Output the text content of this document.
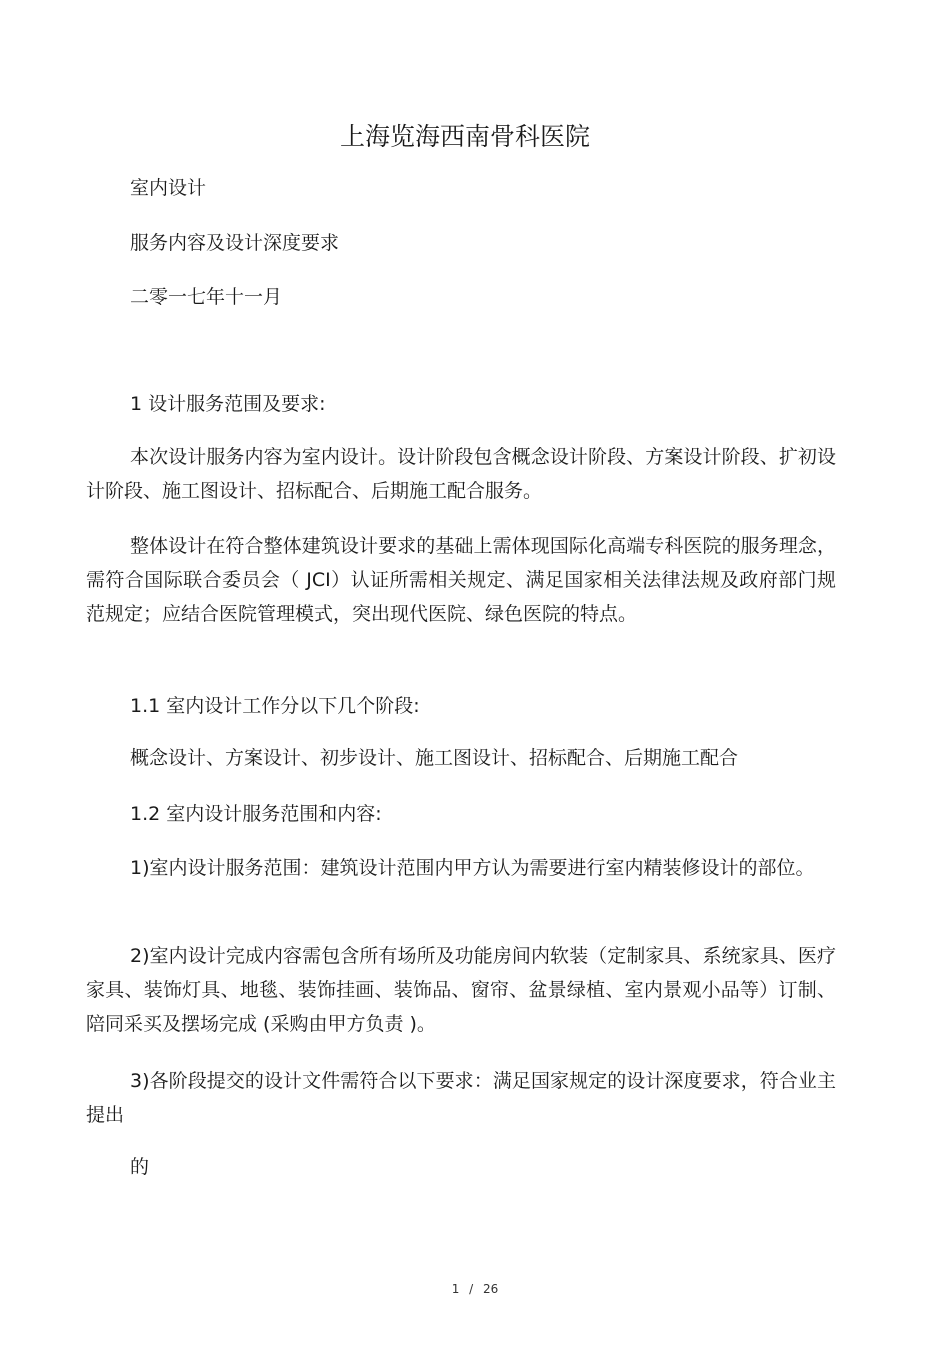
上海览海西南骨科医院
室内设计
服务内容及设计深度要求
二零一七年十一月
1 设计服务范围及要求:
本次设计服务内容为室内设计。设计阶段包含概念设计阶段、方案设计阶段、扩初设计阶段、施工图设计、招标配合、后期施工配合服务。
整体设计在符合整体建筑设计要求的基础上需体现国际化高端专科医院的服务理念，需符合国际联合委员会（ JCI）认证所需相关规定、满足国家相关法律法规及政府部门规范规定；应结合医院管理模式，突出现代医院、绿色医院的特点。
1.1 室内设计工作分以下几个阶段:
概念设计、方案设计、初步设计、施工图设计、招标配合、后期施工配合
1.2 室内设计服务范围和内容:
1)室内设计服务范围：建筑设计范围内甲方认为需要进行室内精装修设计的部位。
2)室内设计完成内容需包含所有场所及功能房间内软装（定制家具、系统家具、医疗家具、装饰灯具、地毯、装饰挂画、装饰品、窗帘、盆景绿植、室内景观小品等）订制、陪同采买及摆场完成 (采购由甲方负责 )。
3)各阶段提交的设计文件需符合以下要求：满足国家规定的设计深度要求，符合业主提出
的
1 / 26
